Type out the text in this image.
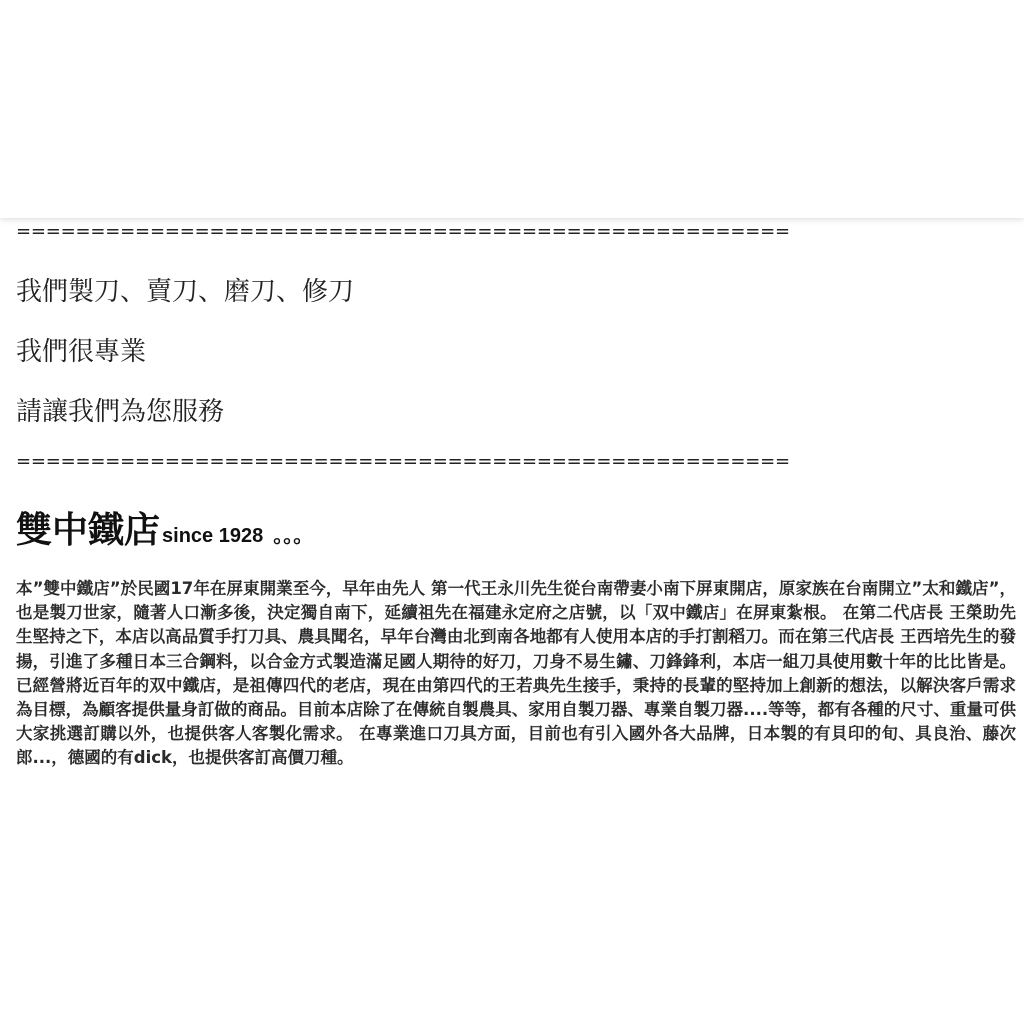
====================================================

我們製刀、賣刀、磨刀、修刀

我們很專業

請讓我們為您服務

====================================================
雙中鐵店 since 1928 。。。
本”雙中鐵店”於民國17年在屏東開業至今，早年由先人 第一代王永川先生從台南帶妻小南下屏東開店，原家族在台南開立”太和鐵店”，也是製刀世家，隨著人口漸多後，決定獨自南下，延續祖先在福建永定府之店號，以「双中鐵店」在屏東紮根。 在第二代店長 王榮助先生堅持之下，本店以高品質手打刀具、農具聞名，早年台灣由北到南各地都有人使用本店的手打割稻刀。而在第三代店長 王西培先生的發揚，引進了多種日本三合鋼料，以合金方式製造滿足國人期待的好刀，刀身不易生鏽、刀鋒鋒利，本店一組刀具使用數十年的比比皆是。 已經營將近百年的双中鐵店，是祖傳四代的老店，現在由第四代的王若典先生接手，秉持的長輩的堅持加上創新的想法，以解決客戶需求為目標，為顧客提供量身訂做的商品。目前本店除了在傳統自製農具、家用自製刀器、專業自製刀器....等等，都有各種的尺寸、重量可供大家挑選訂購以外，也提供客人客製化需求。 在專業進口刀具方面，目前也有引入國外各大品牌，日本製的有貝印的旬、具良治、藤次郎...，德國的有dick，也提供客訂高價刀種。
